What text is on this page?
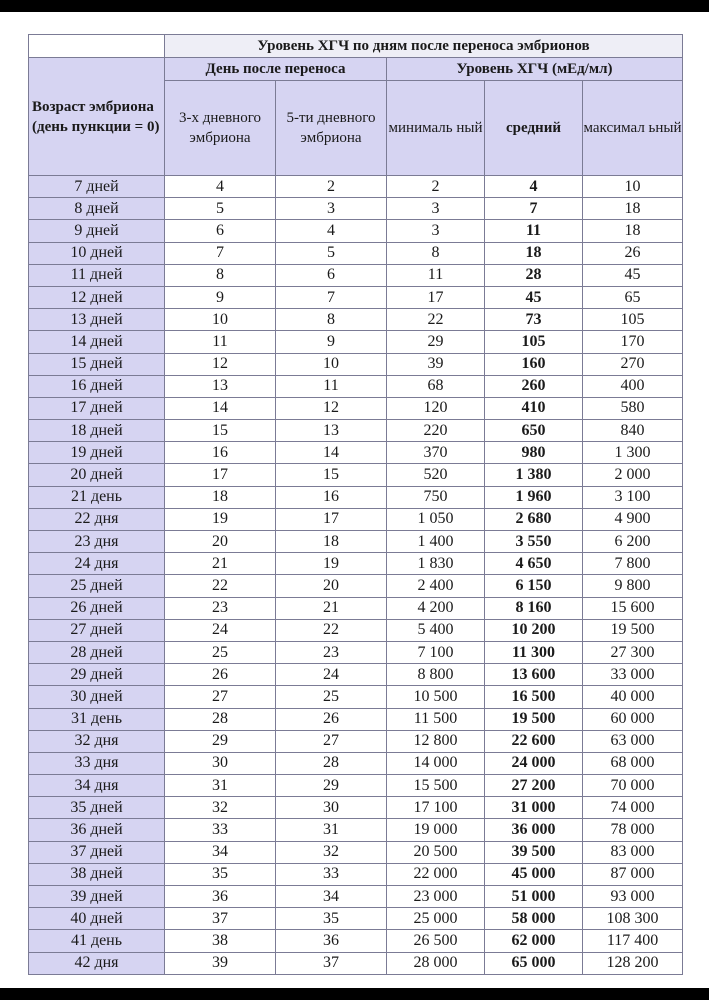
	Уровень ХГЧ по дням после переноса эмбрионов				
Возраст эмбриона (день пункции = 0)	День после переноса		Уровень ХГЧ (мЕд/мл)		
	3-х дневного эмбриона	5-ти дневного эмбриона	минималь ный	средний	максимал ьный
7 дней	4	2	2	4	10
8 дней	5	3	3	7	18
9 дней	6	4	3	11	18
10 дней	7	5	8	18	26
11 дней	8	6	11	28	45
12 дней	9	7	17	45	65
13 дней	10	8	22	73	105
14 дней	11	9	29	105	170
15 дней	12	10	39	160	270
16 дней	13	11	68	260	400
17 дней	14	12	120	410	580
18 дней	15	13	220	650	840
19 дней	16	14	370	980	1 300
20 дней	17	15	520	1 380	2 000
21 день	18	16	750	1 960	3 100
22 дня	19	17	1 050	2 680	4 900
23 дня	20	18	1 400	3 550	6 200
24 дня	21	19	1 830	4 650	7 800
25 дней	22	20	2 400	6 150	9 800
26 дней	23	21	4 200	8 160	15 600
27 дней	24	22	5 400	10 200	19 500
28 дней	25	23	7 100	11 300	27 300
29 дней	26	24	8 800	13 600	33 000
30 дней	27	25	10 500	16 500	40 000
31 день	28	26	11 500	19 500	60 000
32 дня	29	27	12 800	22 600	63 000
33 дня	30	28	14 000	24 000	68 000
34 дня	31	29	15 500	27 200	70 000
35 дней	32	30	17 100	31 000	74 000
36 дней	33	31	19 000	36 000	78 000
37 дней	34	32	20 500	39 500	83 000
38 дней	35	33	22 000	45 000	87 000
39 дней	36	34	23 000	51 000	93 000
40 дней	37	35	25 000	58 000	108 300
41 день	38	36	26 500	62 000	117 400
42 дня	39	37	28 000	65 000	128 200
